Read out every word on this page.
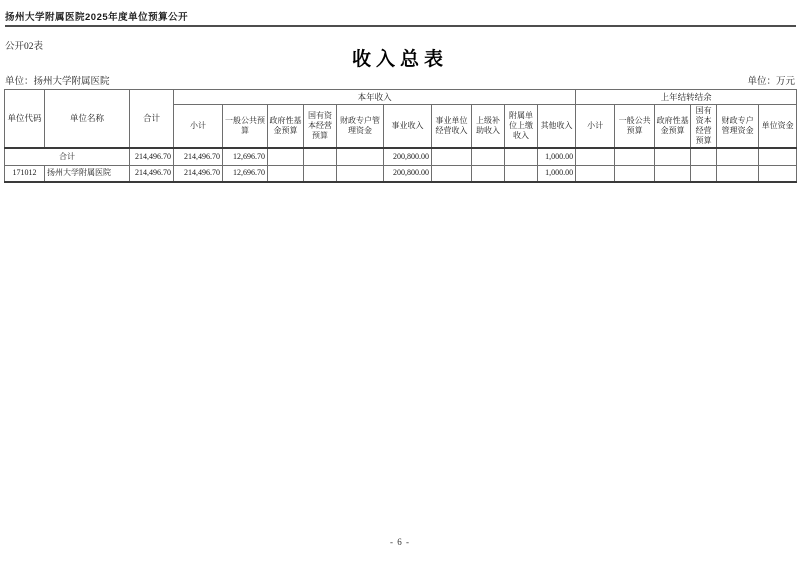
扬州大学附属医院2025年度单位预算公开
公开02表
收入总表
单位：扬州大学附属医院	单位：万元
单位代码	单位名称	合计	本年收入										上年结转结余					
			小计	一般公共预算	政府性基金预算	国有资本经营预算	财政专户管理资金	事业收入	事业单位经营收入	上级补助收入	附属单位上缴收入	其他收入	小计	一般公共预算	政府性基金预算	国有资本经营预算	财政专户管理资金	单位资金
合计		214,496.70	214,496.70	12,696.70				200,800.00				1,000.00						
171012	扬州大学附属医院	214,496.70	214,496.70	12,696.70				200,800.00				1,000.00						
- 6 -
